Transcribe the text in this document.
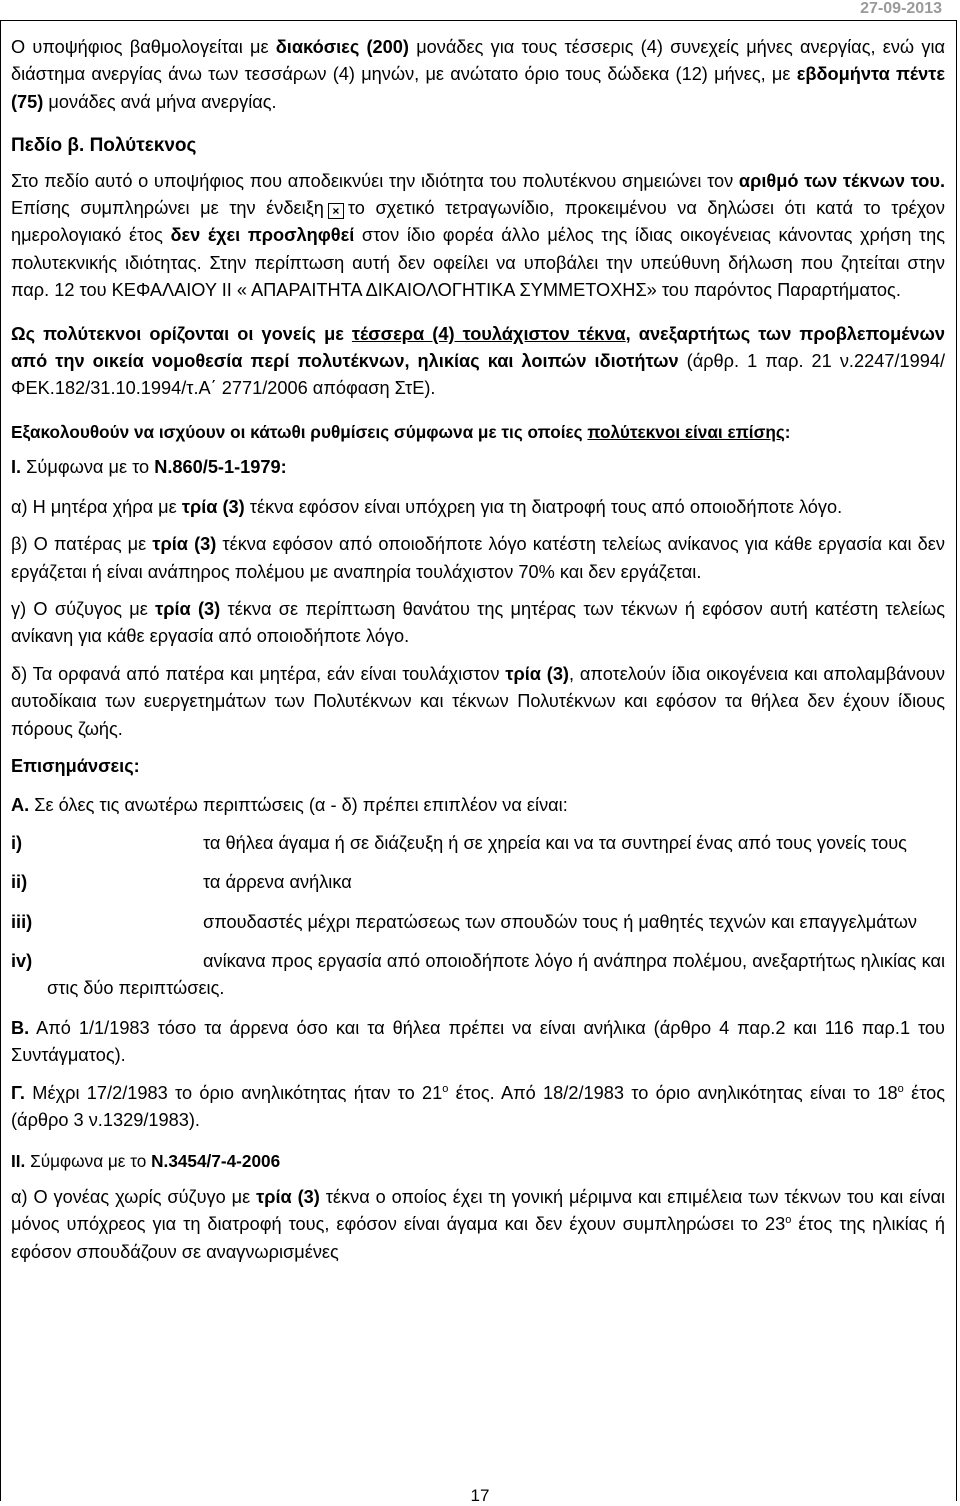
27-09-2013

Ο υποψήφιος βαθμολογείται με διακόσιες (200) μονάδες για τους τέσσερις (4) συνεχείς μήνες ανεργίας, ενώ για διάστημα ανεργίας άνω των τεσσάρων (4) μηνών, με ανώτατο όριο τους δώδεκα (12) μήνες, με εβδομήντα πέντε (75) μονάδες ανά μήνα ανεργίας.

Πεδίο β. Πολύτεκνος

Στο πεδίο αυτό ο υποψήφιος που αποδεικνύει την ιδιότητα του πολυτέκνου σημειώνει τον αριθμό των τέκνων του. Επίσης συμπληρώνει με την ένδειξη × το σχετικό τετραγωνίδιο, προκειμένου να δηλώσει ότι κατά το τρέχον ημερολογιακό έτος δεν έχει προσληφθεί στον ίδιο φορέα άλλο μέλος της ίδιας οικογένειας κάνοντας χρήση της πολυτεκνικής ιδιότητας. Στην περίπτωση αυτή δεν οφείλει να υποβάλει την υπεύθυνη δήλωση που ζητείται στην παρ. 12 του ΚΕΦΑΛΑΙΟΥ ΙΙ « ΑΠΑΡΑΙΤΗΤΑ ΔΙΚΑΙΟΛΟΓΗΤΙΚΑ ΣΥΜΜΕΤΟΧΗΣ» του παρόντος Παραρτήματος.

Ως πολύτεκνοι ορίζονται οι γονείς με τέσσερα (4) τουλάχιστον τέκνα, ανεξαρτήτως των προβλεπομένων από την οικεία νομοθεσία περί πολυτέκνων, ηλικίας και λοιπών ιδιοτήτων (άρθρ. 1 παρ. 21 ν.2247/1994/ΦΕΚ.182/31.10.1994/τ.Α΄ 2771/2006 απόφαση ΣτΕ).

Εξακολουθούν να ισχύουν οι κάτωθι ρυθμίσεις σύμφωνα με τις οποίες πολύτεκνοι είναι επίσης:

Ι. Σύμφωνα με το Ν.860/5-1-1979:

α) Η μητέρα χήρα με τρία (3) τέκνα εφόσον είναι υπόχρεη για τη διατροφή τους από οποιοδήποτε λόγο.

β) Ο πατέρας με τρία (3) τέκνα εφόσον από οποιοδήποτε λόγο κατέστη τελείως ανίκανος για κάθε εργασία και δεν εργάζεται ή είναι ανάπηρος πολέμου με αναπηρία τουλάχιστον 70% και δεν εργάζεται.

γ) Ο σύζυγος με τρία (3) τέκνα σε περίπτωση θανάτου της μητέρας των τέκνων ή εφόσον αυτή κατέστη τελείως ανίκανη για κάθε εργασία από οποιοδήποτε λόγο.

δ) Τα ορφανά από πατέρα και μητέρα, εάν είναι τουλάχιστον τρία (3), αποτελούν ίδια οικογένεια και απολαμβάνουν αυτοδίκαια των ευεργετημάτων των Πολυτέκνων και τέκνων Πολυτέκνων και εφόσον τα θήλεα δεν έχουν ίδιους πόρους ζωής.

Επισημάνσεις:

Α. Σε όλες τις ανωτέρω περιπτώσεις (α - δ) πρέπει επιπλέον να είναι:

i)	τα θήλεα άγαμα ή σε διάζευξη ή σε χηρεία και να τα συντηρεί ένας από τους γονείς τους
ii)	τα άρρενα ανήλικα
iii)	σπουδαστές μέχρι περατώσεως των σπουδών τους ή μαθητές τεχνών και επαγγελμάτων
iv)	ανίκανα προς εργασία από οποιοδήποτε λόγο ή ανάπηρα πολέμου, ανεξαρτήτως ηλικίας και στις δύο περιπτώσεις.

Β. Από 1/1/1983 τόσο τα άρρενα όσο και τα θήλεα πρέπει να είναι ανήλικα (άρθρο 4 παρ.2 και 116 παρ.1 του Συντάγματος).

Γ. Μέχρι 17/2/1983 το όριο ανηλικότητας ήταν το $21^o$ έτος. Από 18/2/1983 το όριο ανηλικότητας είναι το $18^o$ έτος (άρθρο 3 ν.1329/1983).

ΙΙ. Σύμφωνα με το Ν.3454/7-4-2006

α) Ο γονέας χωρίς σύζυγο με τρία (3) τέκνα ο οποίος έχει τη γονική μέριμνα και επιμέλεια των τέκνων του και είναι μόνος υπόχρεος για τη διατροφή τους, εφόσον είναι άγαμα και δεν έχουν συμπληρώσει το $23^o$ έτος της ηλικίας ή εφόσον σπουδάζουν σε αναγνωρισμένες

17
